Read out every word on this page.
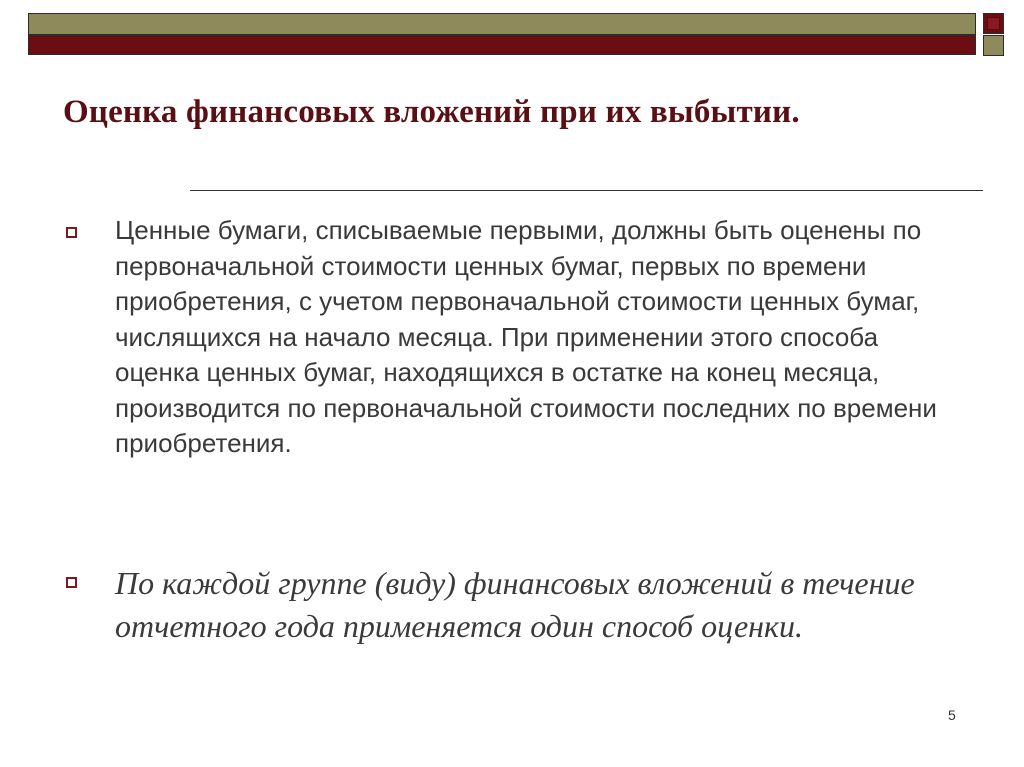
Оценка финансовых вложений при их выбытии.

Ценные бумаги, списываемые первыми, должны быть оценены по первоначальной стоимости ценных бумаг, первых по времени приобретения, с учетом первоначальной стоимости ценных бумаг, числящихся на начало месяца. При применении этого способа оценка ценных бумаг, находящихся в остатке на конец месяца, производится по первоначальной стоимости последних по времени приобретения.

По каждой группе (виду) финансовых вложений в течение отчетного года применяется один способ оценки.

5
